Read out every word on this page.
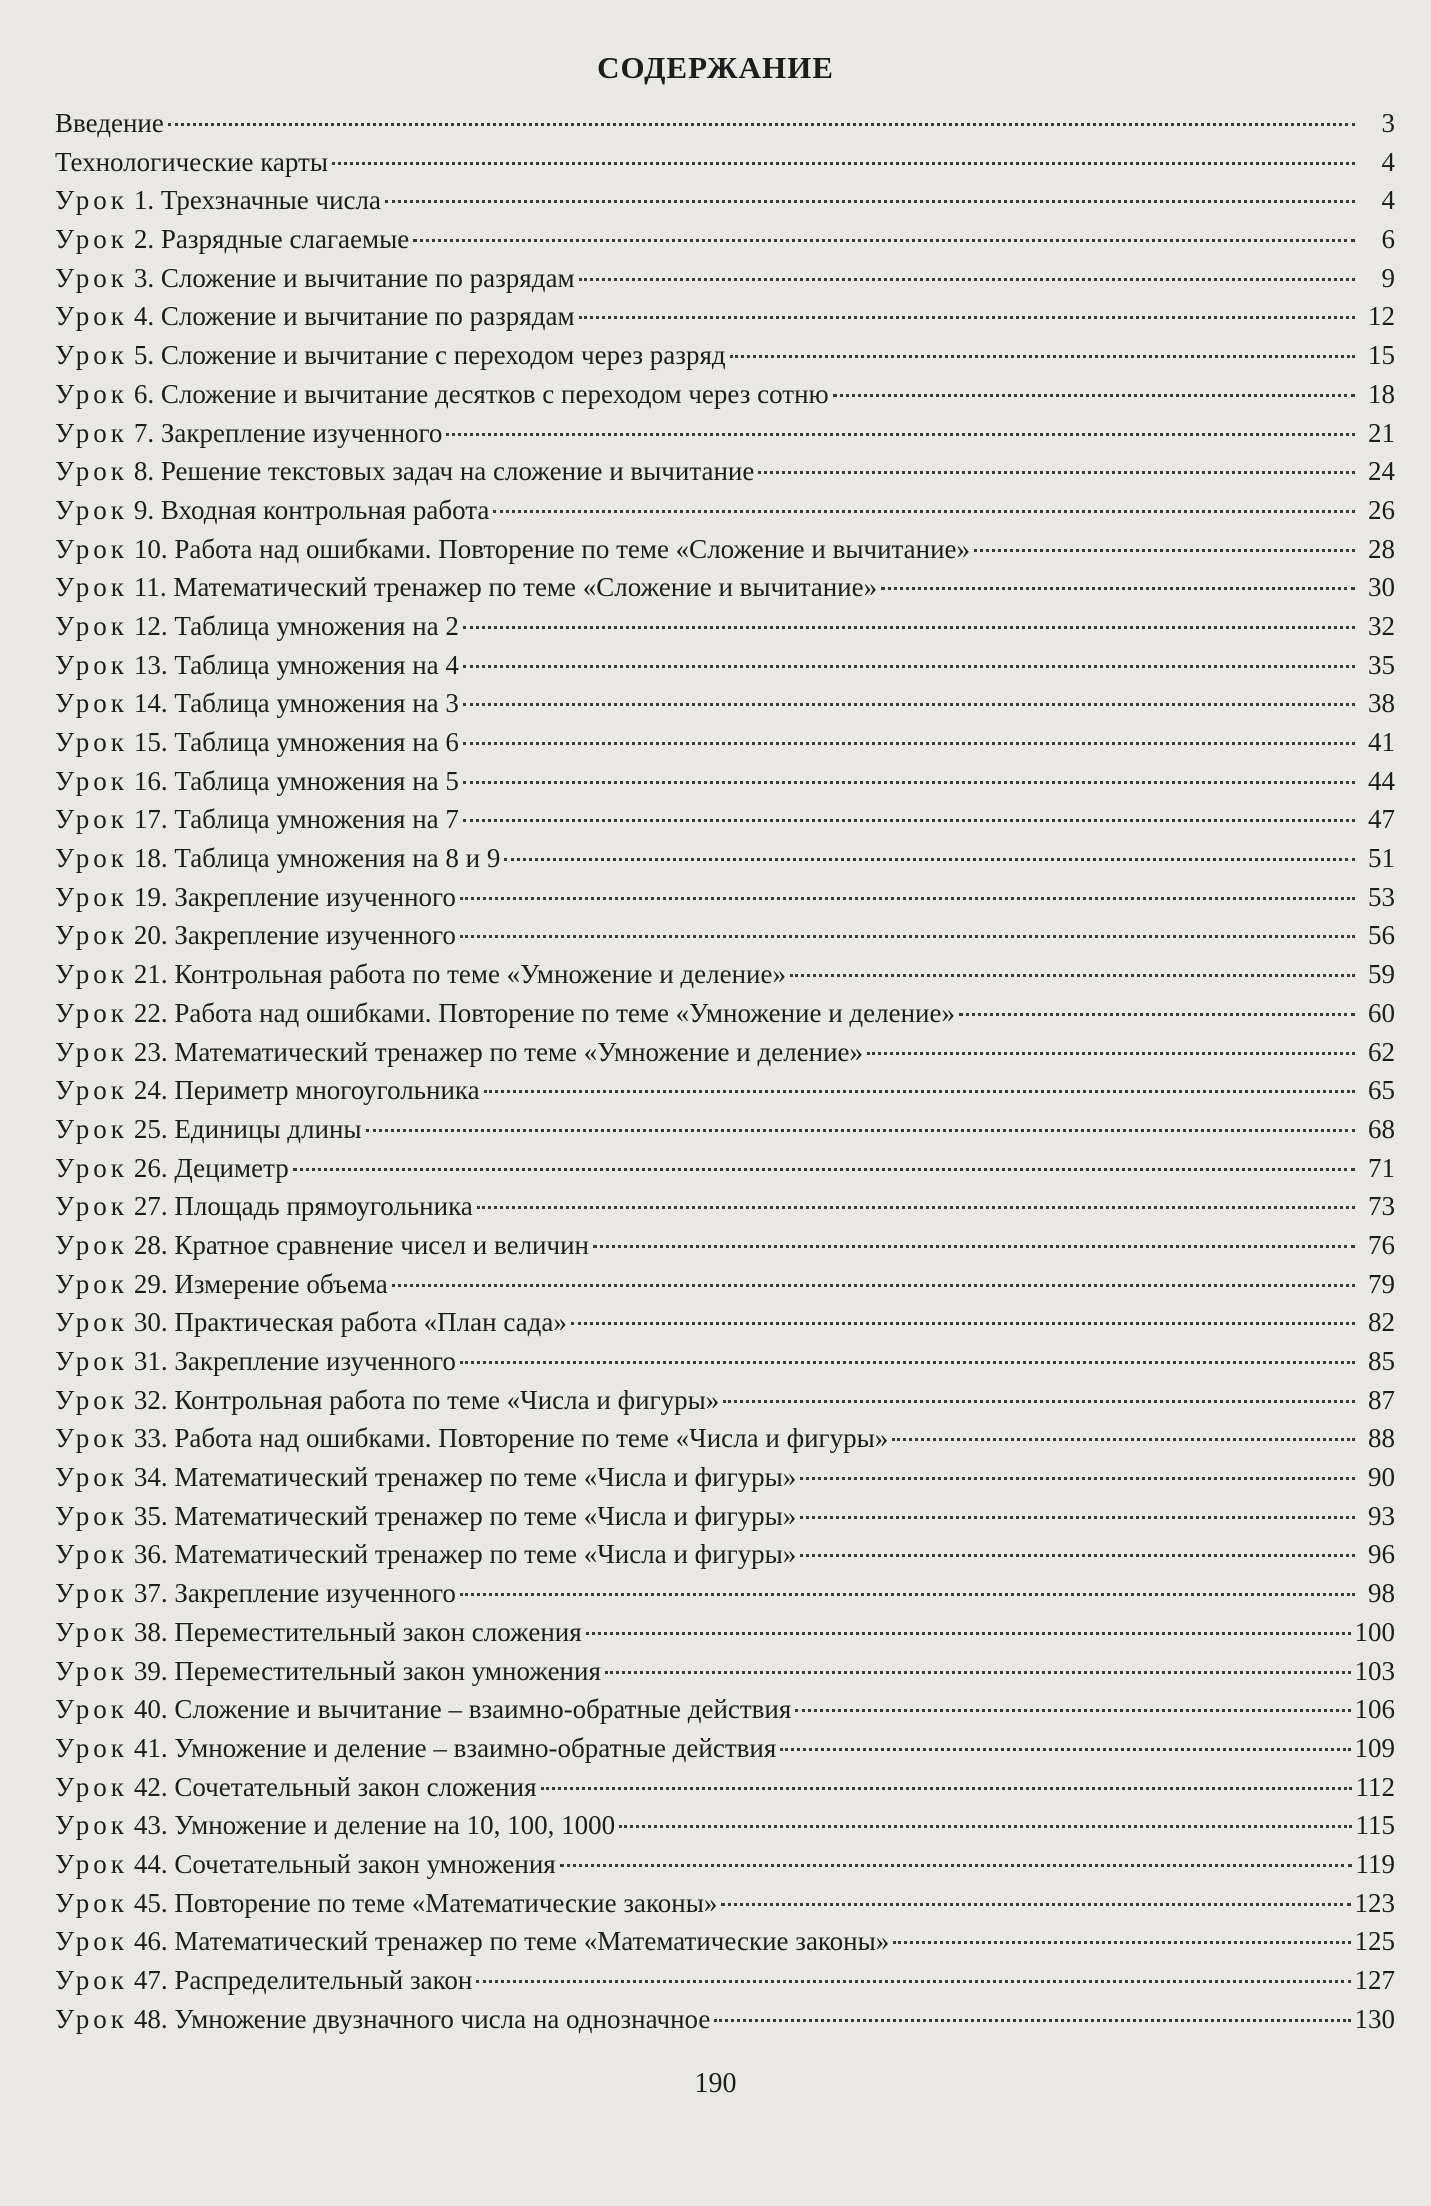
СОДЕРЖАНИЕ
Введение	3
Технологические карты	4
Урок 1. Трехзначные числа	4
Урок 2. Разрядные слагаемые	6
Урок 3. Сложение и вычитание по разрядам	9
Урок 4. Сложение и вычитание по разрядам	12
Урок 5. Сложение и вычитание с переходом через разряд	15
Урок 6. Сложение и вычитание десятков с переходом через сотню	18
Урок 7. Закрепление изученного	21
Урок 8. Решение текстовых задач на сложение и вычитание	24
Урок 9. Входная контрольная работа	26
Урок 10. Работа над ошибками. Повторение по теме «Сложение и вычитание»	28
Урок 11. Математический тренажер по теме «Сложение и вычитание»	30
Урок 12. Таблица умножения на 2	32
Урок 13. Таблица умножения на 4	35
Урок 14. Таблица умножения на 3	38
Урок 15. Таблица умножения на 6	41
Урок 16. Таблица умножения на 5	44
Урок 17. Таблица умножения на 7	47
Урок 18. Таблица умножения на 8 и 9	51
Урок 19. Закрепление изученного	53
Урок 20. Закрепление изученного	56
Урок 21. Контрольная работа по теме «Умножение и деление»	59
Урок 22. Работа над ошибками. Повторение по теме «Умножение и деление»	60
Урок 23. Математический тренажер по теме «Умножение и деление»	62
Урок 24. Периметр многоугольника	65
Урок 25. Единицы длины	68
Урок 26. Дециметр	71
Урок 27. Площадь прямоугольника	73
Урок 28. Кратное сравнение чисел и величин	76
Урок 29. Измерение объема	79
Урок 30. Практическая работа «План сада»	82
Урок 31. Закрепление изученного	85
Урок 32. Контрольная работа по теме «Числа и фигуры»	87
Урок 33. Работа над ошибками. Повторение по теме «Числа и фигуры»	88
Урок 34. Математический тренажер по теме «Числа и фигуры»	90
Урок 35. Математический тренажер по теме «Числа и фигуры»	93
Урок 36. Математический тренажер по теме «Числа и фигуры»	96
Урок 37. Закрепление изученного	98
Урок 38. Переместительный закон сложения	100
Урок 39. Переместительный закон умножения	103
Урок 40. Сложение и вычитание – взаимно-обратные действия	106
Урок 41. Умножение и деление – взаимно-обратные действия	109
Урок 42. Сочетательный закон сложения	112
Урок 43. Умножение и деление на 10, 100, 1000	115
Урок 44. Сочетательный закон умножения	119
Урок 45. Повторение по теме «Математические законы»	123
Урок 46. Математический тренажер по теме «Математические законы»	125
Урок 47. Распределительный закон	127
Урок 48. Умножение двузначного числа на однозначное	130
190
